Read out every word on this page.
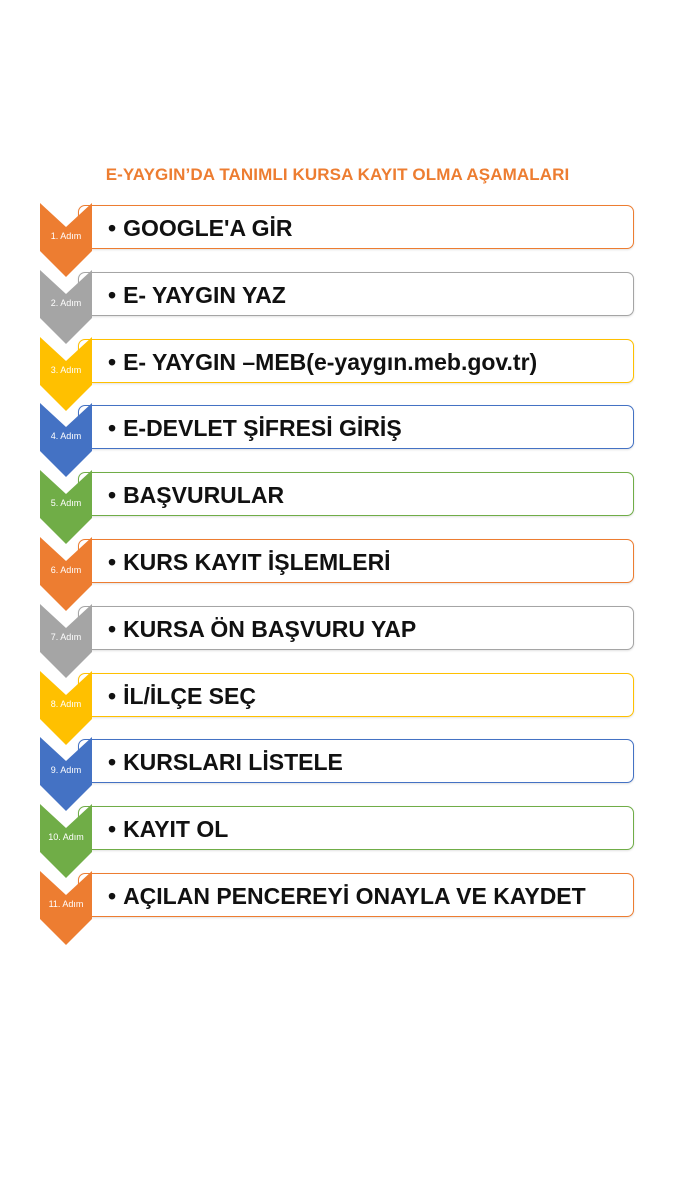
E-YAYGIN’DA TANIMLI KURSA KAYIT OLMA AŞAMALARI
1. Adım	• GOOGLE'A GİR
2. Adım	• E- YAYGIN YAZ
3. Adım	• E- YAYGIN –MEB(e-yaygın.meb.gov.tr)
4. Adım	• E-DEVLET ŞİFRESİ GİRİŞ
5. Adım	• BAŞVURULAR
6. Adım	• KURS KAYIT İŞLEMLERİ
7. Adım	• KURSA ÖN BAŞVURU YAP
8. Adım	• İL/İLÇE SEÇ
9. Adım	• KURSLARI LİSTELE
10. Adım	• KAYIT OL
11. Adım	• AÇILAN PENCEREYİ ONAYLA VE KAYDET
